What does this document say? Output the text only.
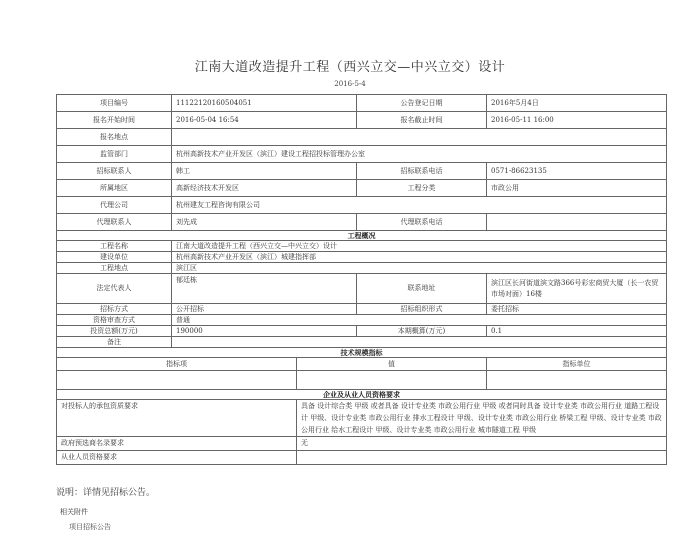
江南大道改造提升工程（西兴立交—中兴立交）设计
2016-5-4
项目编号	11122120160504051		公告登记日期	2016年5月4日
报名开始时间	2016-05-04 16:54		报名截止时间	2016-05-11 16:00
报名地点				
监管部门	杭州高新技术产业开发区（滨江）建设工程招投标管理办公室			
招标联系人	韩工		招标联系电话	0571-86623135
所属地区	高新经济技术开发区		工程分类	市政公用
代理公司	杭州建友工程咨询有限公司			
代理联系人	刘先成		代理联系电话	
工程概况				
工程名称	江南大道改造提升工程（西兴立交—中兴立交）设计			
建设单位	杭州高新技术产业开发区（滨江）城建指挥部			
工程地点	滨江区			
法定代表人	郁廷栋		联系地址	滨江区长河街道滨文路366号彩宏商贸大厦（长一农贸市场对面）16楼
招标方式	公开招标		招标组织形式	委托招标
资格审查方式	普通			
投资总额(万元)	190000		本期概算(万元)	0.1
备注				
技术规模指标				
指标项		值		指标单位

企业及从业人员资格要求				
对投标人的承包资质要求		具备 设计综合类 甲级 或者具备 设计专业类 市政公用行业 甲级 或者同时具备 设计专业类 市政公用行业 道路工程设计 甲级、设计专业类 市政公用行业 排水工程设计 甲级、设计专业类 市政公用行业 桥梁工程 甲级、设计专业类 市政公用行业 给水工程设计 甲级、设计专业类 市政公用行业 城市隧道工程 甲级		
政府预选商名录要求		无		
从业人员资格要求				
说明：详情见招标公告。
相关附件
项目招标公告
